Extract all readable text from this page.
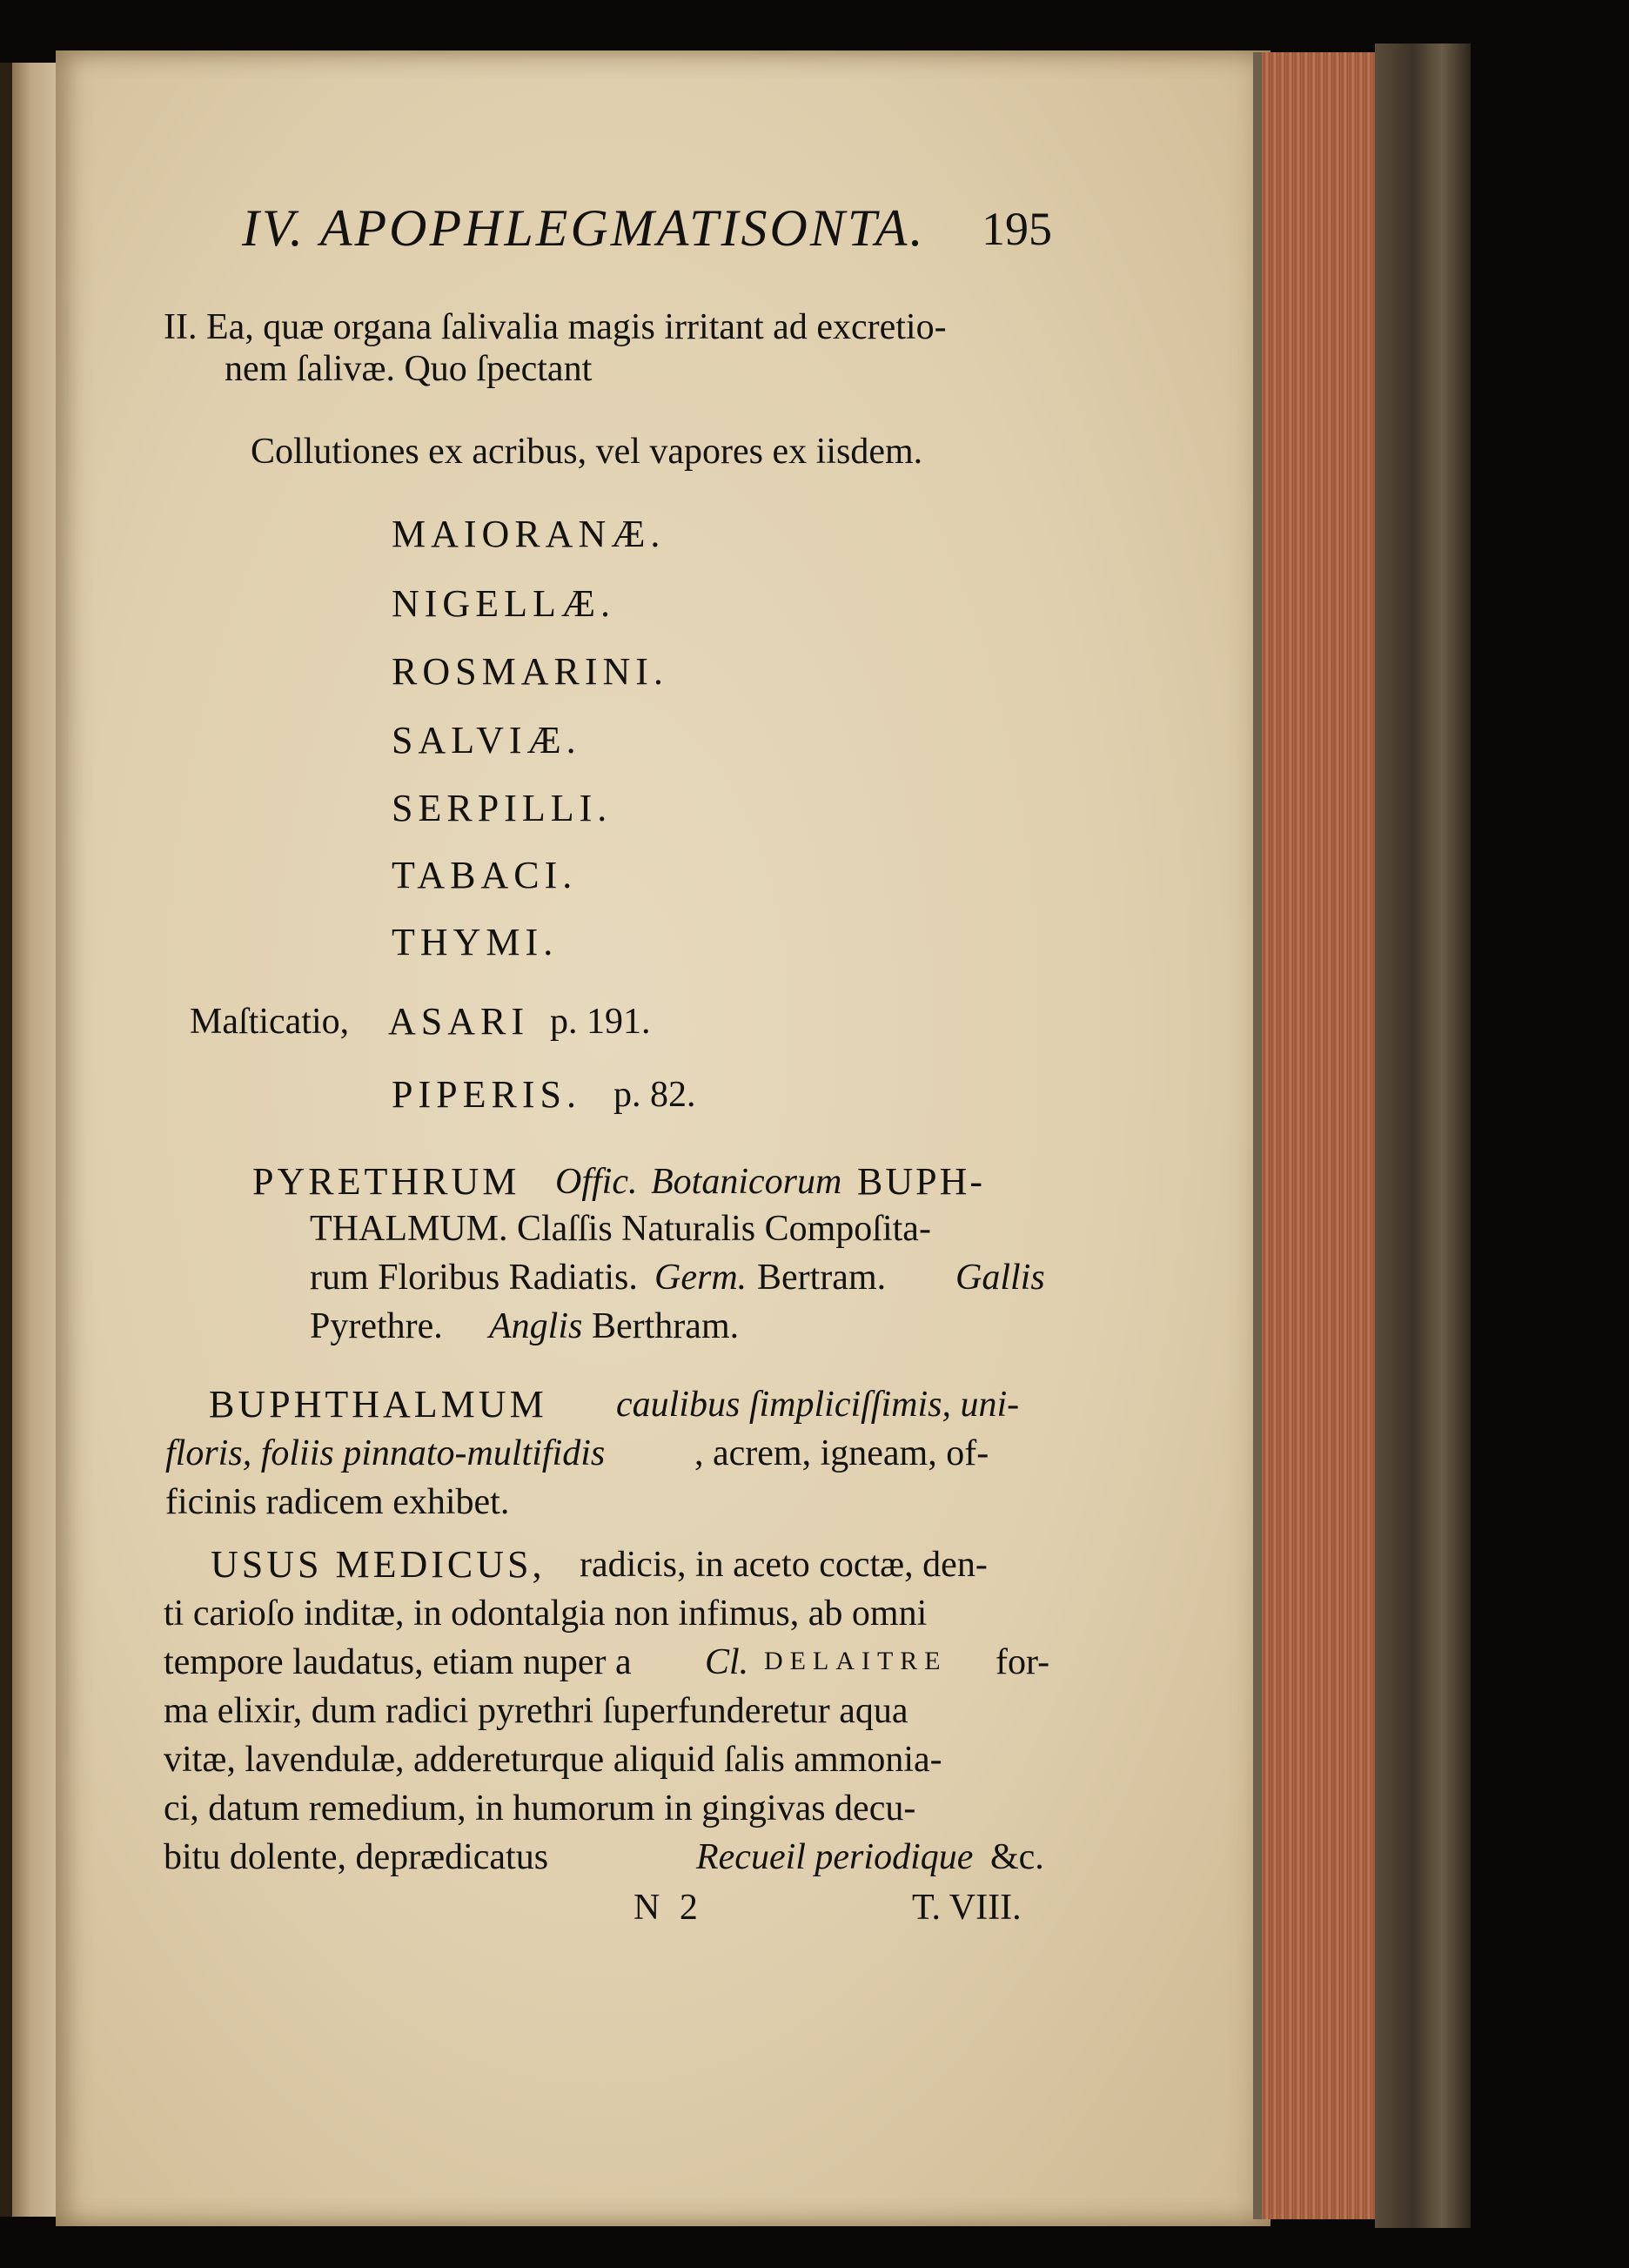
IV. APOPHLEGMATISONTA. 195
II. Ea, quæ organa ſalivalia magis irritant ad excretio-
nem ſalivæ. Quo ſpectant
Collutiones ex acribus, vel vapores ex iisdem.
MAIORANÆ.
NIGELLÆ.
ROSMARINI.
SALVIÆ.
SERPILLI.
TABACI.
THYMI.
Maſticatio, ASARI p. 191.
PIPERIS. p. 82.
PYRETHRUM Offic. Botanicorum BUPH-
THALMUM. Claſſis Naturalis Compoſita-
rum Floribus Radiatis. Germ. Bertram. Gallis
Pyrethre. Anglis Berthram.
BUPHTHALMUM caulibus ſimpliciſſimis, uni-
floris, foliis pinnato-multifidis , acrem, igneam, of-
ficinis radicem exhibet.
USUS MEDICUS, radicis, in aceto coctæ, den-
ti carioſo inditæ, in odontalgia non infimus, ab omni
tempore laudatus, etiam nuper a Cl. DELAITRE for-
ma elixir, dum radici pyrethri ſuperfunderetur aqua
vitæ, lavendulæ, addereturque aliquid ſalis ammonia-
ci, datum remedium, in humorum in gingivas decu-
bitu dolente, deprædicatus	Recueil periodique &c.
N 2	T. VIII.
